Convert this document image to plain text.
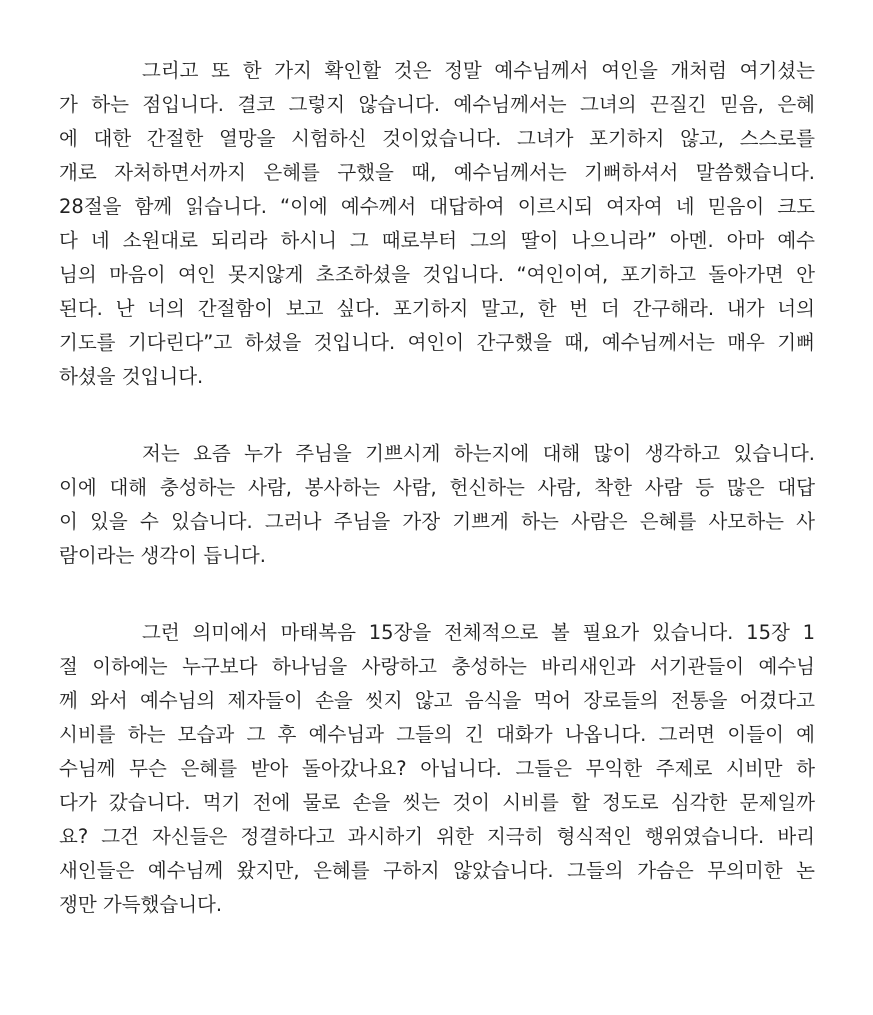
그리고 또 한 가지 확인할 것은 정말 예수님께서 여인을 개처럼 여기셨는
가 하는 점입니다. 결코 그렇지 않습니다. 예수님께서는 그녀의 끈질긴 믿음, 은혜
에 대한 간절한 열망을 시험하신 것이었습니다. 그녀가 포기하지 않고, 스스로를
개로 자처하면서까지 은혜를 구했을 때, 예수님께서는 기뻐하셔서 말씀했습니다.
28절을 함께 읽습니다. “이에 예수께서 대답하여 이르시되 여자여 네 믿음이 크도
다 네 소원대로 되리라 하시니 그 때로부터 그의 딸이 나으니라” 아멘. 아마 예수
님의 마음이 여인 못지않게 초조하셨을 것입니다. “여인이여, 포기하고 돌아가면 안
된다. 난 너의 간절함이 보고 싶다. 포기하지 말고, 한 번 더 간구해라. 내가 너의
기도를 기다린다”고 하셨을 것입니다. 여인이 간구했을 때, 예수님께서는 매우 기뻐
하셨을 것입니다.
저는 요즘 누가 주님을 기쁘시게 하는지에 대해 많이 생각하고 있습니다.
이에 대해 충성하는 사람, 봉사하는 사람, 헌신하는 사람, 착한 사람 등 많은 대답
이 있을 수 있습니다. 그러나 주님을 가장 기쁘게 하는 사람은 은혜를 사모하는 사
람이라는 생각이 듭니다.
그런 의미에서 마태복음 15장을 전체적으로 볼 필요가 있습니다. 15장 1
절 이하에는 누구보다 하나님을 사랑하고 충성하는 바리새인과 서기관들이 예수님
께 와서 예수님의 제자들이 손을 씻지 않고 음식을 먹어 장로들의 전통을 어겼다고
시비를 하는 모습과 그 후 예수님과 그들의 긴 대화가 나옵니다. 그러면 이들이 예
수님께 무슨 은혜를 받아 돌아갔나요? 아닙니다. 그들은 무익한 주제로 시비만 하
다가 갔습니다. 먹기 전에 물로 손을 씻는 것이 시비를 할 정도로 심각한 문제일까
요? 그건 자신들은 정결하다고 과시하기 위한 지극히 형식적인 행위였습니다. 바리
새인들은 예수님께 왔지만, 은혜를 구하지 않았습니다. 그들의 가슴은 무의미한 논
쟁만 가득했습니다.
